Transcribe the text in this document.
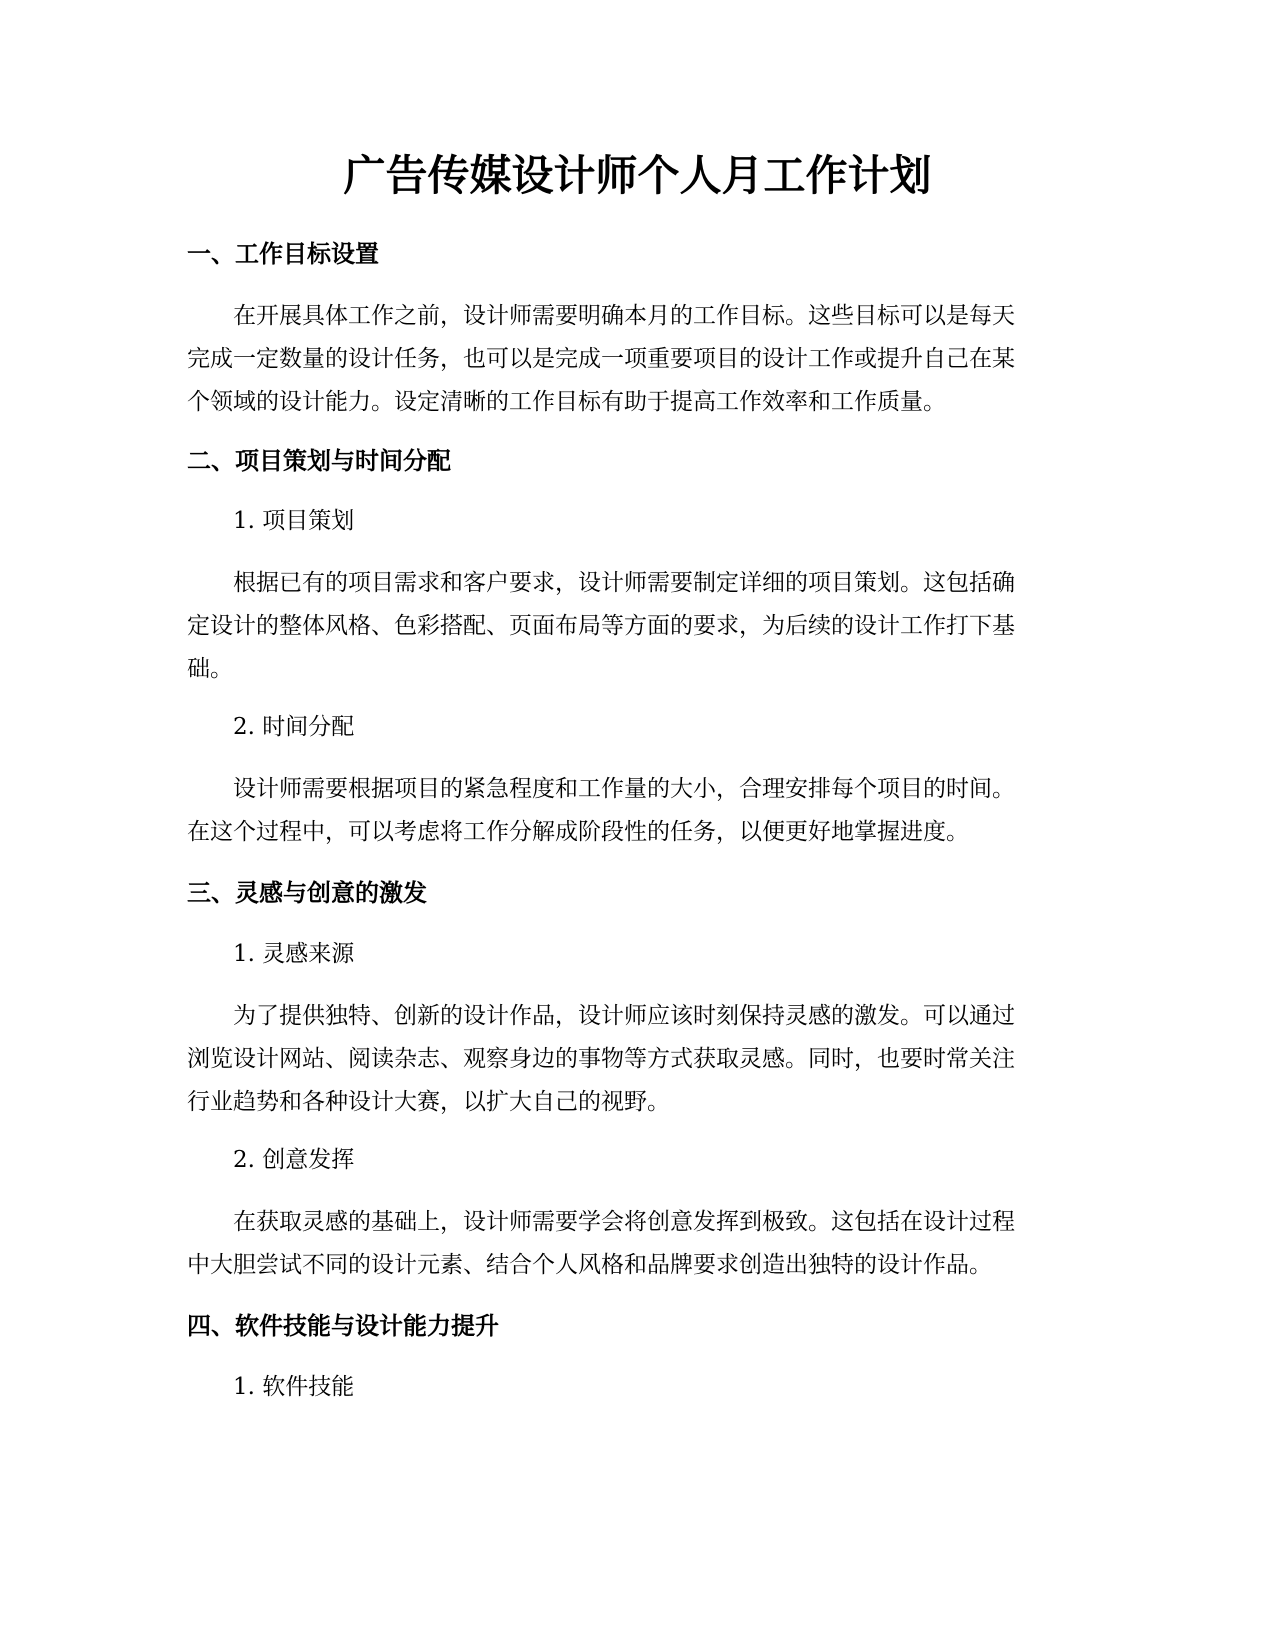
广告传媒设计师个人月工作计划
一、工作目标设置
在开展具体工作之前，设计师需要明确本月的工作目标。这些目标可以是每天
完成一定数量的设计任务，也可以是完成一项重要项目的设计工作或提升自己在某
个领域的设计能力。设定清晰的工作目标有助于提高工作效率和工作质量。
二、项目策划与时间分配
1. 项目策划
根据已有的项目需求和客户要求，设计师需要制定详细的项目策划。这包括确
定设计的整体风格、色彩搭配、页面布局等方面的要求，为后续的设计工作打下基
础。
2. 时间分配
设计师需要根据项目的紧急程度和工作量的大小，合理安排每个项目的时间。
在这个过程中，可以考虑将工作分解成阶段性的任务，以便更好地掌握进度。
三、灵感与创意的激发
1. 灵感来源
为了提供独特、创新的设计作品，设计师应该时刻保持灵感的激发。可以通过
浏览设计网站、阅读杂志、观察身边的事物等方式获取灵感。同时，也要时常关注
行业趋势和各种设计大赛，以扩大自己的视野。
2. 创意发挥
在获取灵感的基础上，设计师需要学会将创意发挥到极致。这包括在设计过程
中大胆尝试不同的设计元素、结合个人风格和品牌要求创造出独特的设计作品。
四、软件技能与设计能力提升
1. 软件技能
